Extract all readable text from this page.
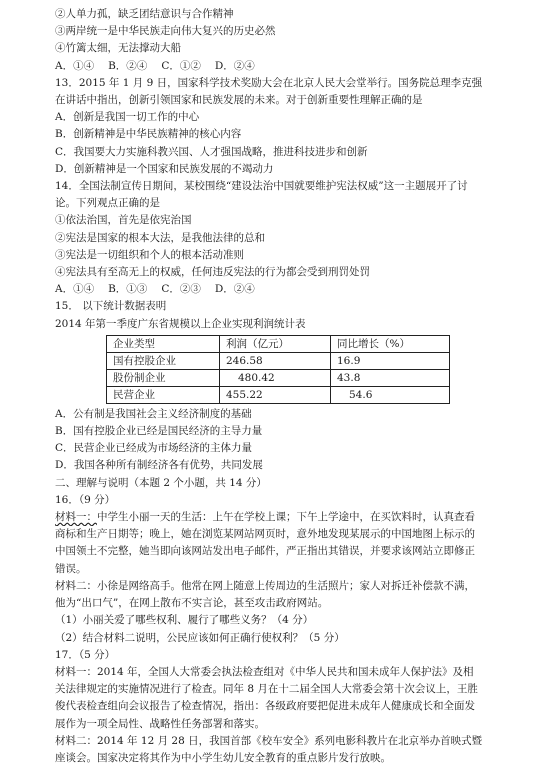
②人单力孤，缺乏团结意识与合作精神
③两岸统一是中华民族走向伟大复兴的历史必然
④竹篱太细，无法撑动大船
A．①④ B．②④ C．①② D．②④
13．2015 年 1 月 9 日，国家科学技术奖励大会在北京人民大会堂举行。国务院总理李克强
在讲话中指出，创新引领国家和民族发展的未来。对于创新重要性理解正确的是
A．创新是我国一切工作的中心
B．创新精神是中华民族精神的核心内容
C．我国要大力实施科教兴国、人才强国战略，推进科技进步和创新
D．创新精神是一个国家和民族发展的不竭动力
14．全国法制宣传日期间，某校围绕“建设法治中国就要维护宪法权威”这一主题展开了讨
论。下列观点正确的是
①依法治国，首先是依宪治国
②宪法是国家的根本大法，是我他法律的总和
③宪法是一切组织和个人的根本活动准则
④宪法具有至高无上的权威，任何违反宪法的行为都会受到刑罚处罚
A．①④ B．①③ C．②③ D．②④
15． 以下统计数据表明
2014 年第一季度广东省规模以上企业实现利润统计表
企业类型	利润（亿元）	同比增长（%）
国有控股企业	246.58	16.9
股份制企业	480.42	43.8
民营企业	455.22	54.6
A．公有制是我国社会主义经济制度的基础
B．国有控股企业已经是国民经济的主导力量
C．民营企业已经成为市场经济的主体力量
D．我国各种所有制经济各有优势，共同发展
二、理解与说明（本题 2 个小题，共 14 分）
16．（9 分）
材料一：中学生小丽一天的生活：上午在学校上课；下午上学途中，在买饮料时，认真查看
商标和生产日期等；晚上，她在浏览某网站网页时，意外地发现某展示的中国地图上标示的
中国领土不完整，她当即向该网站发出电子邮件，严正指出其错误，并要求该网站立即修正
错误。
材料二：小徐是网络高手。他常在网上随意上传周边的生活照片；家人对拆迁补偿款不满，
他为“出口气”，在网上散布不实言论，甚至攻击政府网站。
（1）小丽关爱了哪些权利、履行了哪些义务？（4 分）
（2）结合材料二说明，公民应该如何正确行使权利？（5 分）
17．（5 分）
材料一：2014 年，全国人大常委会执法检查组对《中华人民共和国未成年人保护法》及相
关法律规定的实施情况进行了检查。同年 8 月在十二届全国人大常委会第十次会议上，王胜
俊代表检查组向会议报告了检查情况，指出：各级政府要把促进未成年人健康成长和全面发
展作为一项全局性、战略性任务部署和落实。
材料二：2014 年 12 月 28 日，我国首部《校车安全》系列电影科教片在北京举办首映式暨
座谈会。国家决定将其作为中小学生幼儿安全教育的重点影片发行放映。
